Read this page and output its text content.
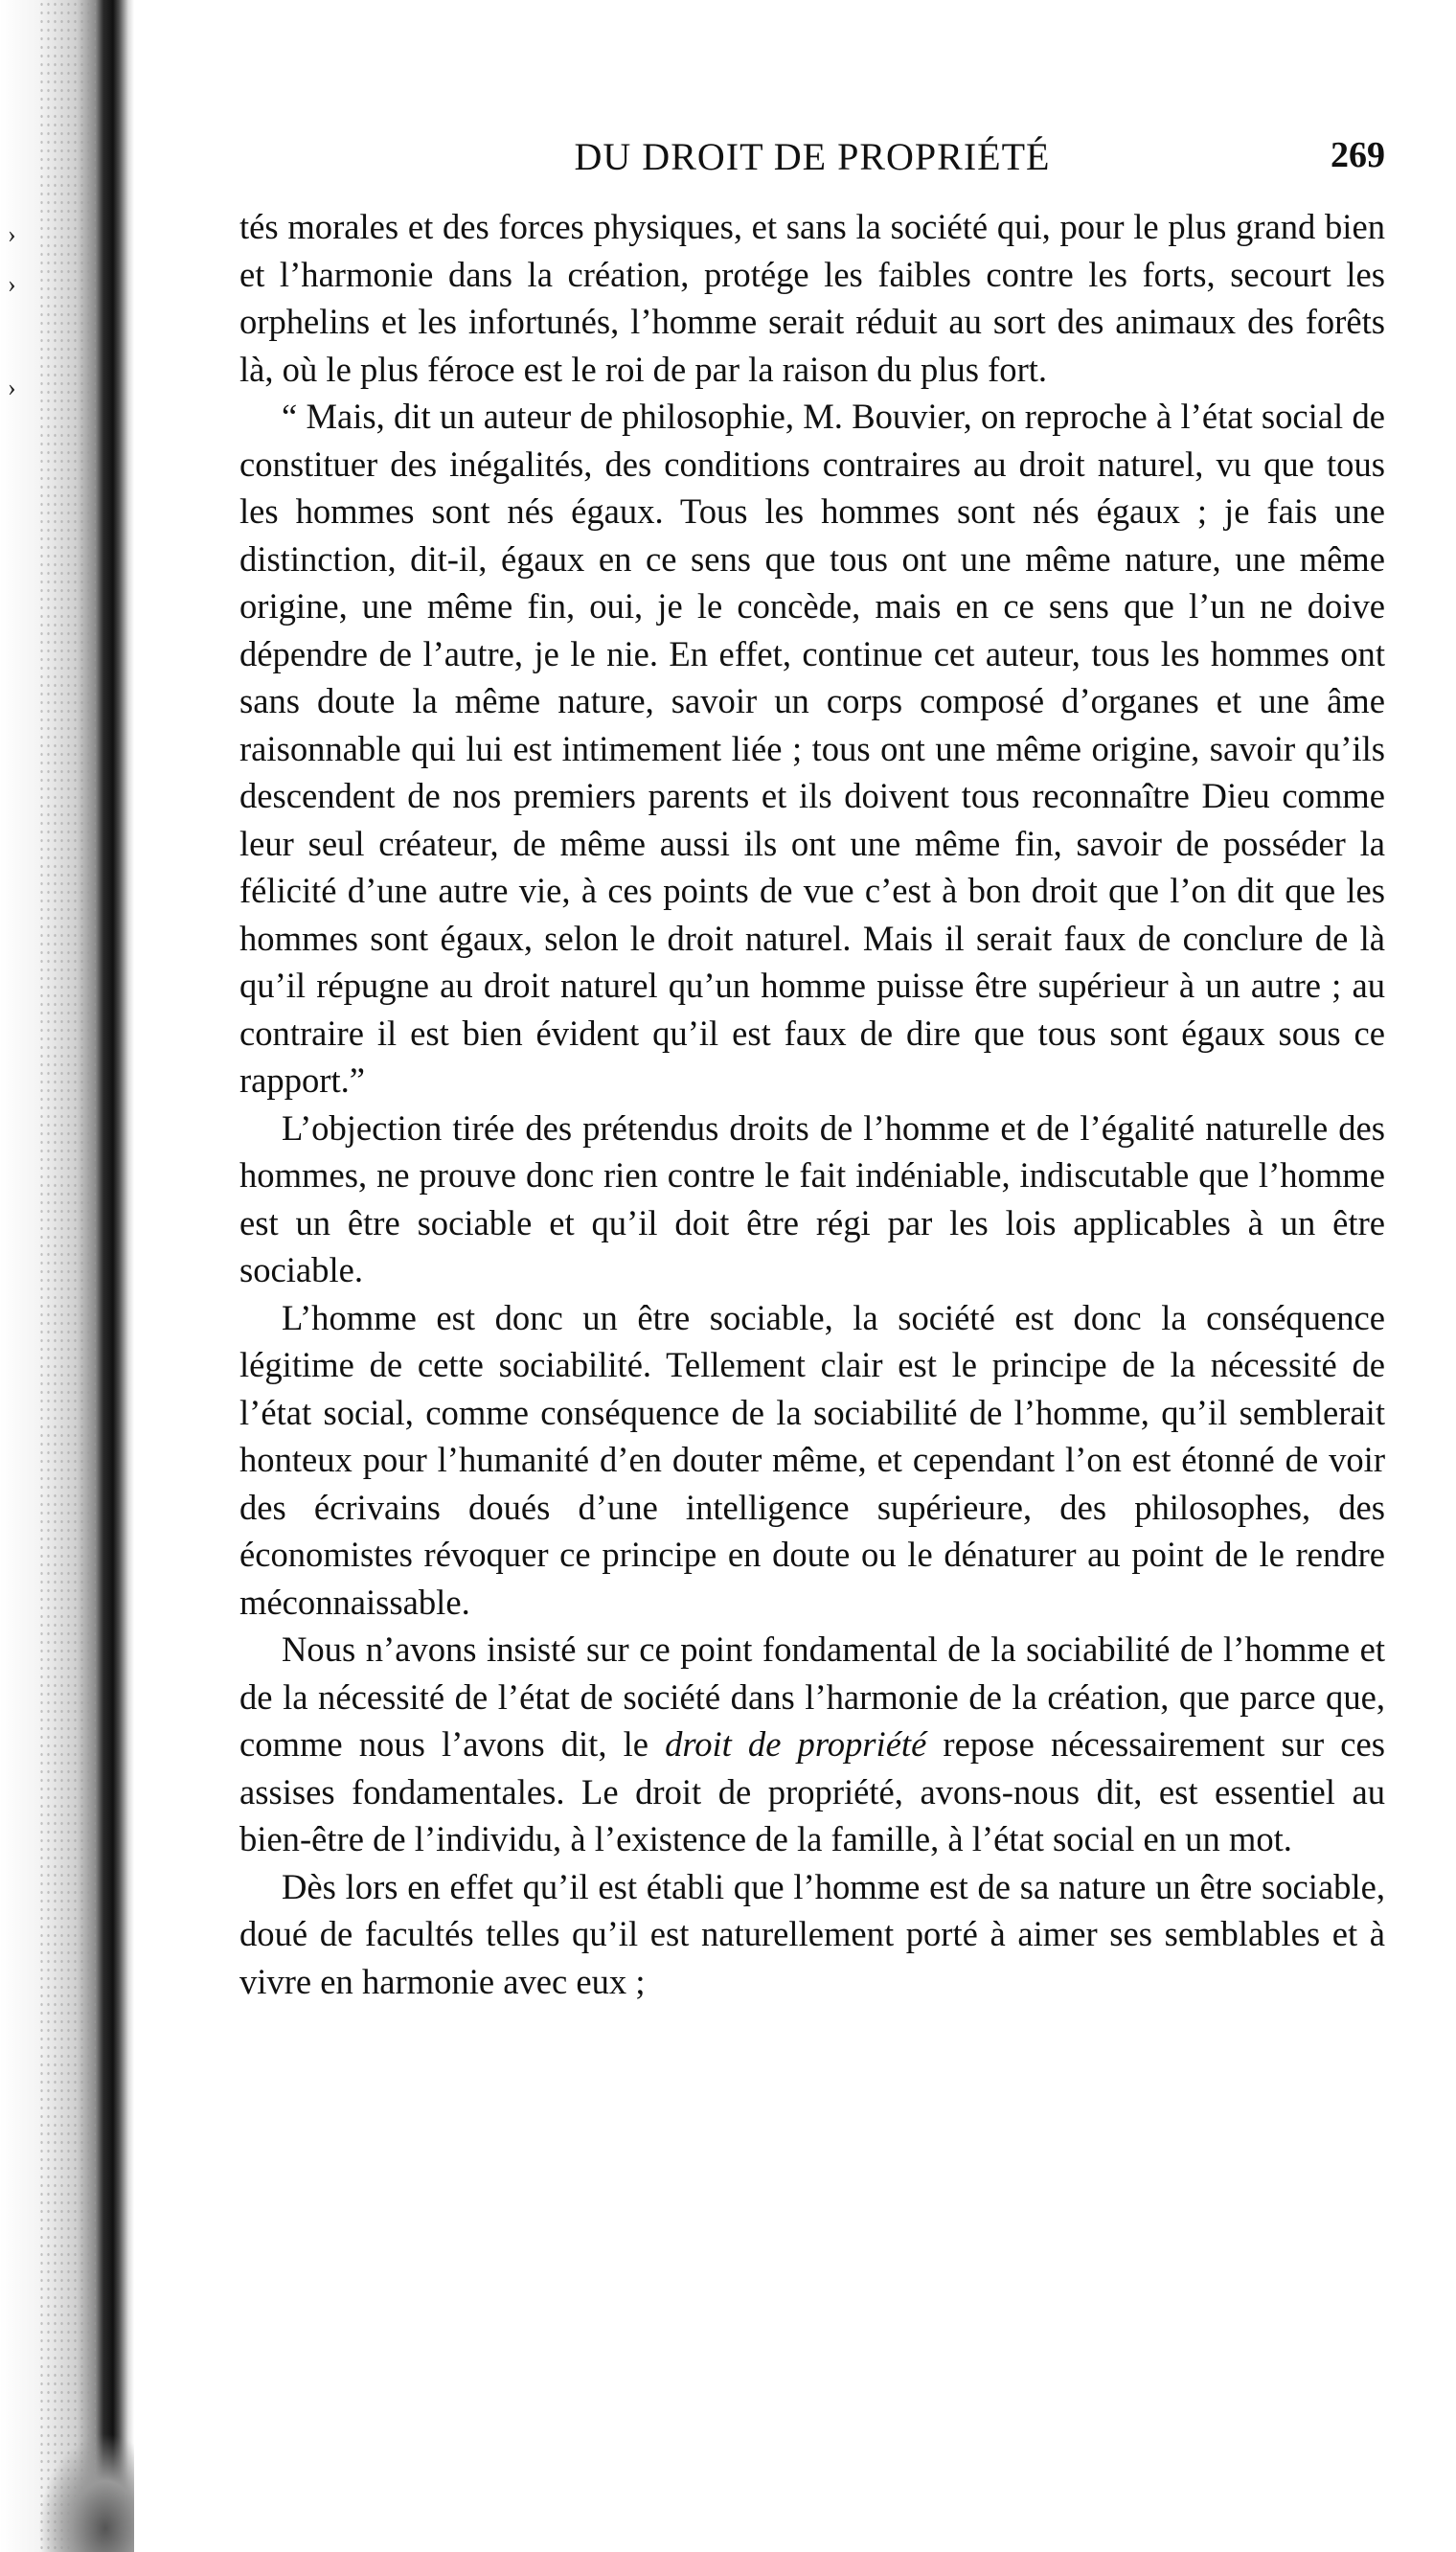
›
›
›
DU DROIT DE PROPRIÉTÉ	269

tés morales et des forces physiques, et sans la société qui, pour le plus grand bien et l’harmonie dans la création, protége les faibles contre les forts, secourt les orphelins et les infortunés, l’homme serait réduit au sort des animaux des forêts là, où le plus féroce est le roi de par la raison du plus fort.

“ Mais, dit un auteur de philosophie, M. Bouvier, on reproche à l’état social de constituer des inégalités, des conditions contraires au droit naturel, vu que tous les hommes sont nés égaux. Tous les hommes sont nés égaux ; je fais une distinction, dit-il, égaux en ce sens que tous ont une même nature, une même origine, une même fin, oui, je le concède, mais en ce sens que l’un ne doive dépendre de l’autre, je le nie. En effet, continue cet auteur, tous les hommes ont sans doute la même nature, savoir un corps composé d’organes et une âme raisonnable qui lui est intimement liée ; tous ont une même origine, savoir qu’ils descendent de nos premiers parents et ils doivent tous reconnaître Dieu comme leur seul créateur, de même aussi ils ont une même fin, savoir de posséder la félicité d’une autre vie, à ces points de vue c’est à bon droit que l’on dit que les hommes sont égaux, selon le droit naturel. Mais il serait faux de conclure de là qu’il répugne au droit naturel qu’un homme puisse être supérieur à un autre ; au contraire il est bien évident qu’il est faux de dire que tous sont égaux sous ce rapport.”

L’objection tirée des prétendus droits de l’homme et de l’égalité naturelle des hommes, ne prouve donc rien contre le fait indéniable, indiscutable que l’homme est un être sociable et qu’il doit être régi par les lois applicables à un être sociable.

L’homme est donc un être sociable, la société est donc la conséquence légitime de cette sociabilité. Tellement clair est le principe de la nécessité de l’état social, comme conséquence de la sociabilité de l’homme, qu’il semblerait honteux pour l’humanité d’en douter même, et cependant l’on est étonné de voir des écrivains doués d’une intelligence supérieure, des philosophes, des économistes révoquer ce principe en doute ou le dénaturer au point de le rendre méconnaissable.

Nous n’avons insisté sur ce point fondamental de la sociabilité de l’homme et de la nécessité de l’état de société dans l’harmonie de la création, que parce que, comme nous l’avons dit, le droit de propriété repose nécessairement sur ces assises fondamentales. Le droit de propriété, avons-nous dit, est essentiel au bien-être de l’individu, à l’existence de la famille, à l’état social en un mot.

Dès lors en effet qu’il est établi que l’homme est de sa nature un être sociable, doué de facultés telles qu’il est naturellement porté à aimer ses semblables et à vivre en harmonie avec eux ;
